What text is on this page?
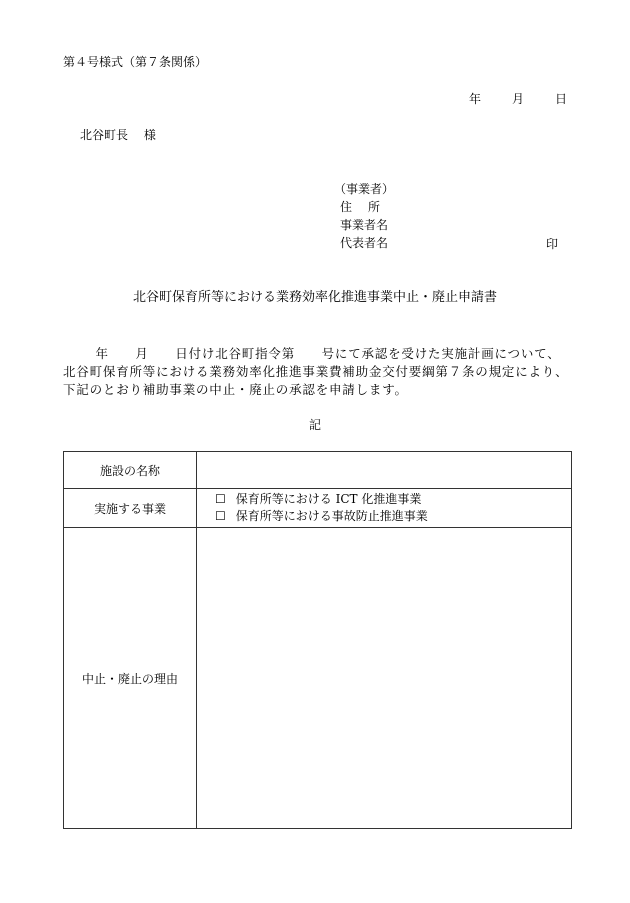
第４号様式（第７条関係）
年	月	日
北谷町長　 様
（事業者）
住所
事業者名
代表者名	印
北谷町保育所等における業務効率化推進事業中止・廃止申請書
年　　月　　日付け北谷町指令第　　号にて承認を受けた実施計画について、北谷町保育所等における業務効率化推進事業費補助金交付要綱第７条の規定により、下記のとおり補助事業の中止・廃止の承認を申請します。
記
施設の名称	
実施する事業	☐ 保育所等における ICT 化推進事業
☐ 保育所等における事故防止推進事業

中止・廃止の理由	
